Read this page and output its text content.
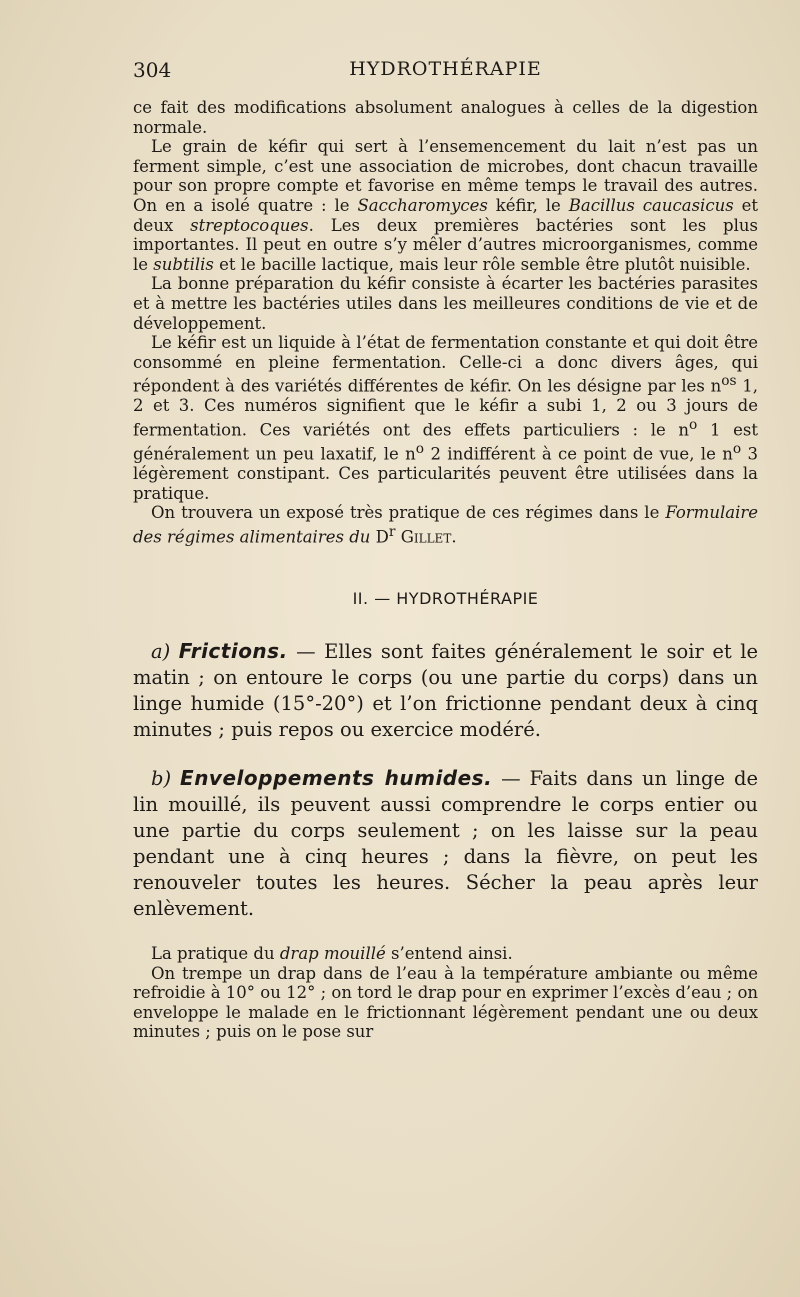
304	HYDROTHÉRAPIE

ce fait des modifications absolument analogues à celles de la digestion normale.

Le grain de kéfir qui sert à l’ensemencement du lait n’est pas un ferment simple, c’est une association de microbes, dont chacun travaille pour son propre compte et favorise en même temps le travail des autres. On en a isolé quatre : le Saccharomyces kéfir, le Bacillus caucasicus et deux streptocoques. Les deux premières bactéries sont les plus importantes. Il peut en outre s’y mêler d’autres microorganismes, comme le subtilis et le bacille lactique, mais leur rôle semble être plutôt nuisible.

La bonne préparation du kéfir consiste à écarter les bactéries parasites et à mettre les bactéries utiles dans les meilleures conditions de vie et de développement.

Le kéfir est un liquide à l’état de fermentation constante et qui doit être consommé en pleine fermentation. Celle-ci a donc divers âges, qui répondent à des variétés différentes de kéfir. On les désigne par les $n^{os}$ 1, 2 et 3. Ces numéros signifient que le kéfir a subi 1, 2 ou 3 jours de fermentation. Ces variétés ont des effets particuliers : le $n^o$ 1 est généralement un peu laxatif, le $n^o$ 2 indifférent à ce point de vue, le $n^o$ 3 légèrement constipant. Ces particularités peuvent être utilisées dans la pratique.

On trouvera un exposé très pratique de ces régimes dans le Formulaire des régimes alimentaires du $D^r$ Gillet.

II. — HYDROTHÉRAPIE

a) Frictions. — Elles sont faites généralement le soir et le matin ; on entoure le corps (ou une partie du corps) dans un linge humide (15°-20°) et l’on frictionne pendant deux à cinq minutes ; puis repos ou exercice modéré.

b) Enveloppements humides. — Faits dans un linge de lin mouillé, ils peuvent aussi comprendre le corps entier ou une partie du corps seulement ; on les laisse sur la peau pendant une à cinq heures ; dans la fièvre, on peut les renouveler toutes les heures. Sécher la peau après leur enlèvement.

La pratique du drap mouillé s’entend ainsi.

On trempe un drap dans de l’eau à la température ambiante ou même refroidie à 10° ou 12° ; on tord le drap pour en exprimer l’excès d’eau ; on enveloppe le malade en le frictionnant légèrement pendant une ou deux minutes ; puis on le pose sur
